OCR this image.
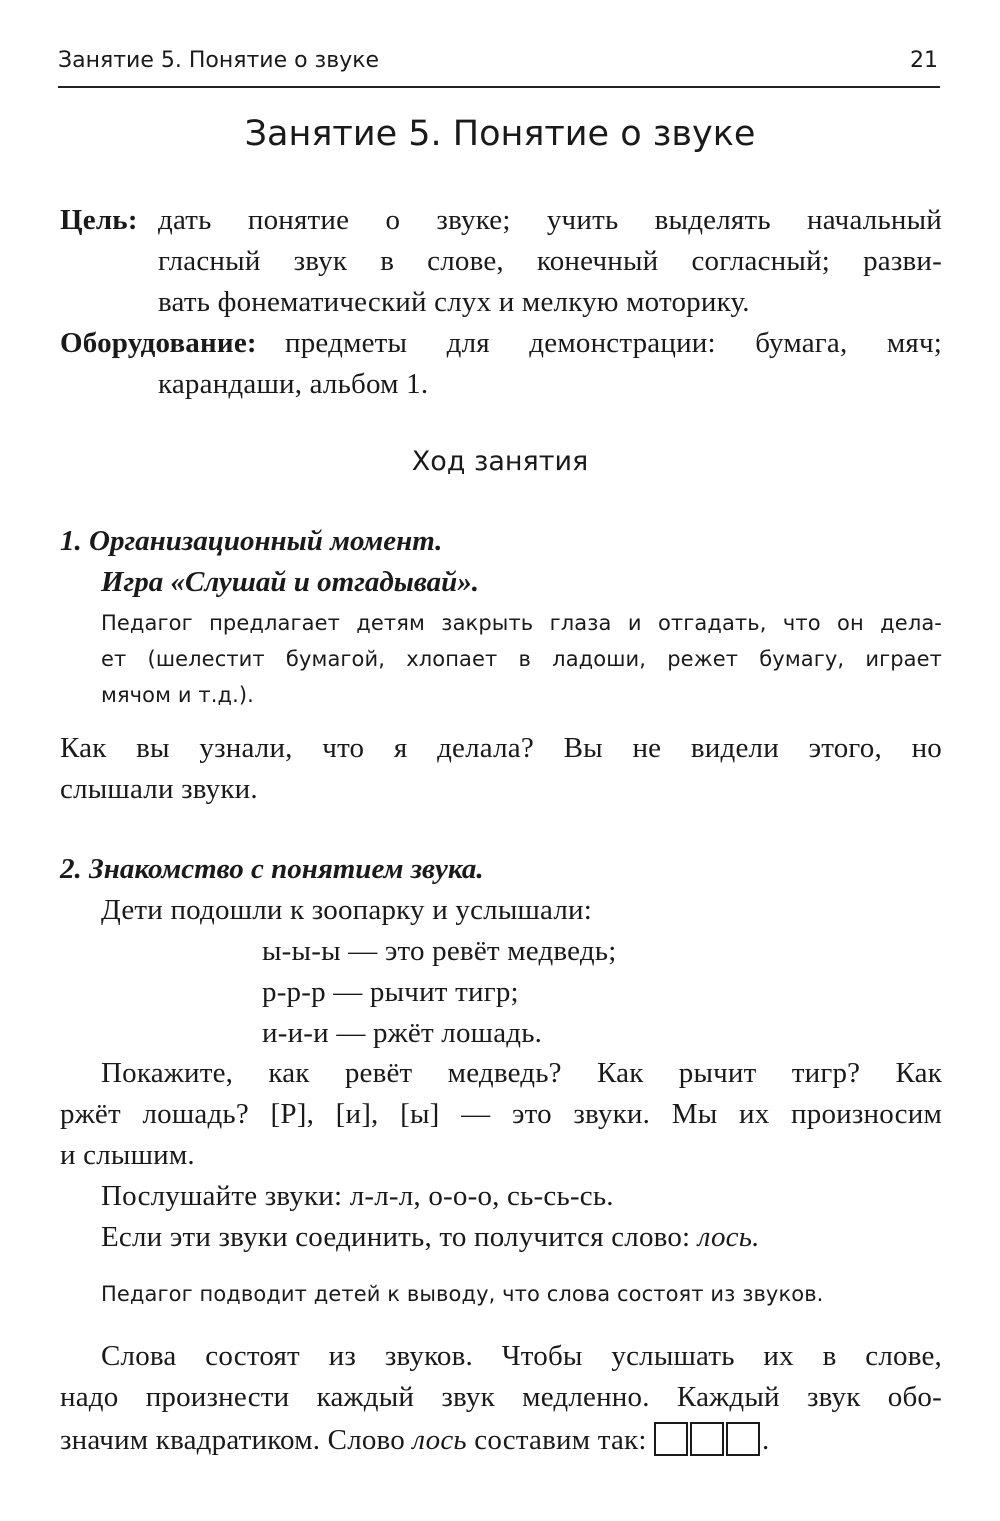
Занятие 5. Понятие о звуке	21
Занятие 5. Понятие о звуке
Цель: дать понятие о звуке; учить выделять начальный
гласный звук в слове, конечный согласный; разви-
вать фонематический слух и мелкую моторику.
Оборудование: предметы для демонстрации: бумага, мяч;
карандаши, альбом 1.
Ход занятия
1. Организационный момент.
Игра «Слушай и отгадывай».
Педагог предлагает детям закрыть глаза и отгадать, что он дела-
ет (шелестит бумагой, хлопает в ладоши, режет бумагу, играет
мячом и т.д.).
Как вы узнали, что я делала? Вы не видели этого, но
слышали звуки.
2. Знакомство с понятием звука.
Дети подошли к зоопарку и услышали:
ы-ы-ы — это ревёт медведь;
р-р-р — рычит тигр;
и-и-и — ржёт лошадь.
Покажите, как ревёт медведь? Как рычит тигр? Как
ржёт лошадь? [Р], [и], [ы] — это звуки. Мы их произносим
и слышим.
Послушайте звуки: л-л-л, о-о-о, сь-сь-сь.
Если эти звуки соединить, то получится слово: лось.
Педагог подводит детей к выводу, что слова состоят из звуков.
Слова состоят из звуков. Чтобы услышать их в слове,
надо произнести каждый звук медленно. Каждый звук обо-
значим квадратиком. Слово лось составим так:	.
